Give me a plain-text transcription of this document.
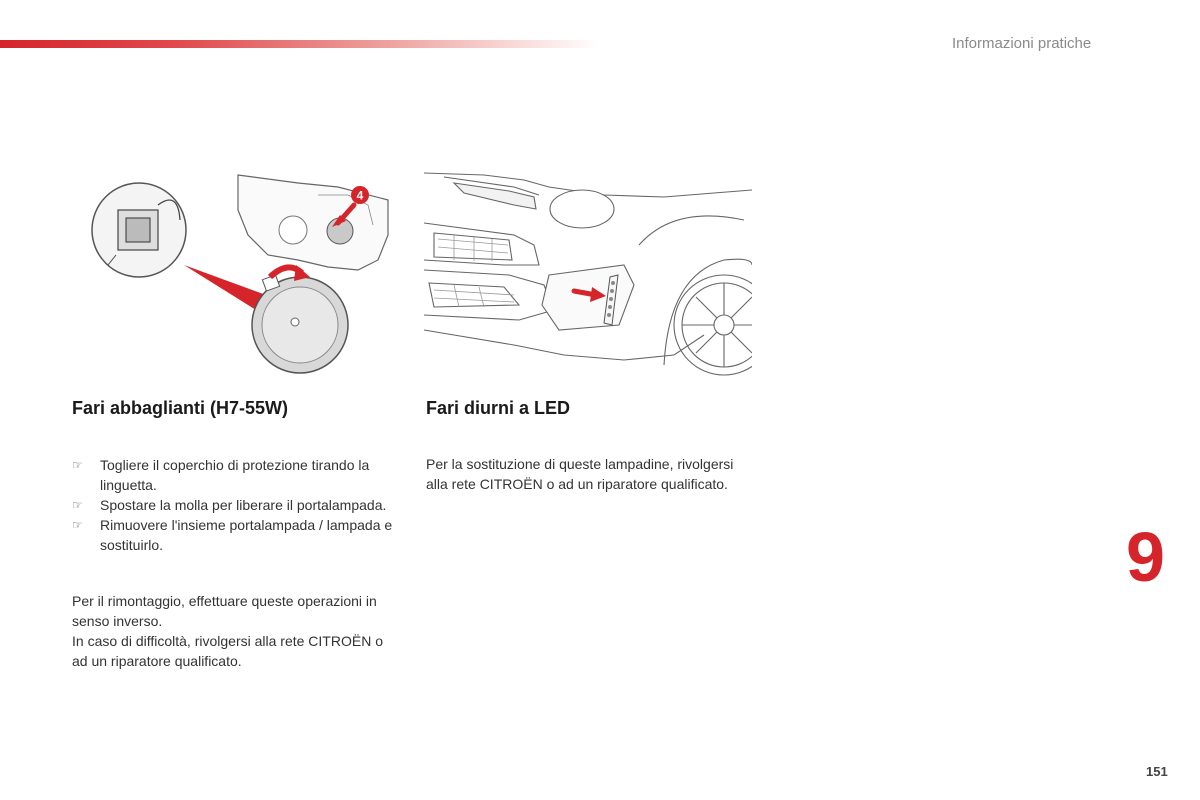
Informazioni pratiche
4
Fari abbaglianti (H7-55W)	Fari diurni a LED
☞ Togliere il coperchio di protezione tirando la linguetta.
☞ Spostare la molla per liberare il portalampada.
☞ Rimuovere l'insieme portalampada / lampada e sostituirlo.
Per il rimontaggio, effettuare queste operazioni in senso inverso.
In caso di difficoltà, rivolgersi alla rete CITROËN o ad un riparatore qualificato.
Per la sostituzione di queste lampadine, rivolgersi alla rete CITROËN o ad un riparatore qualificato.
9
151
